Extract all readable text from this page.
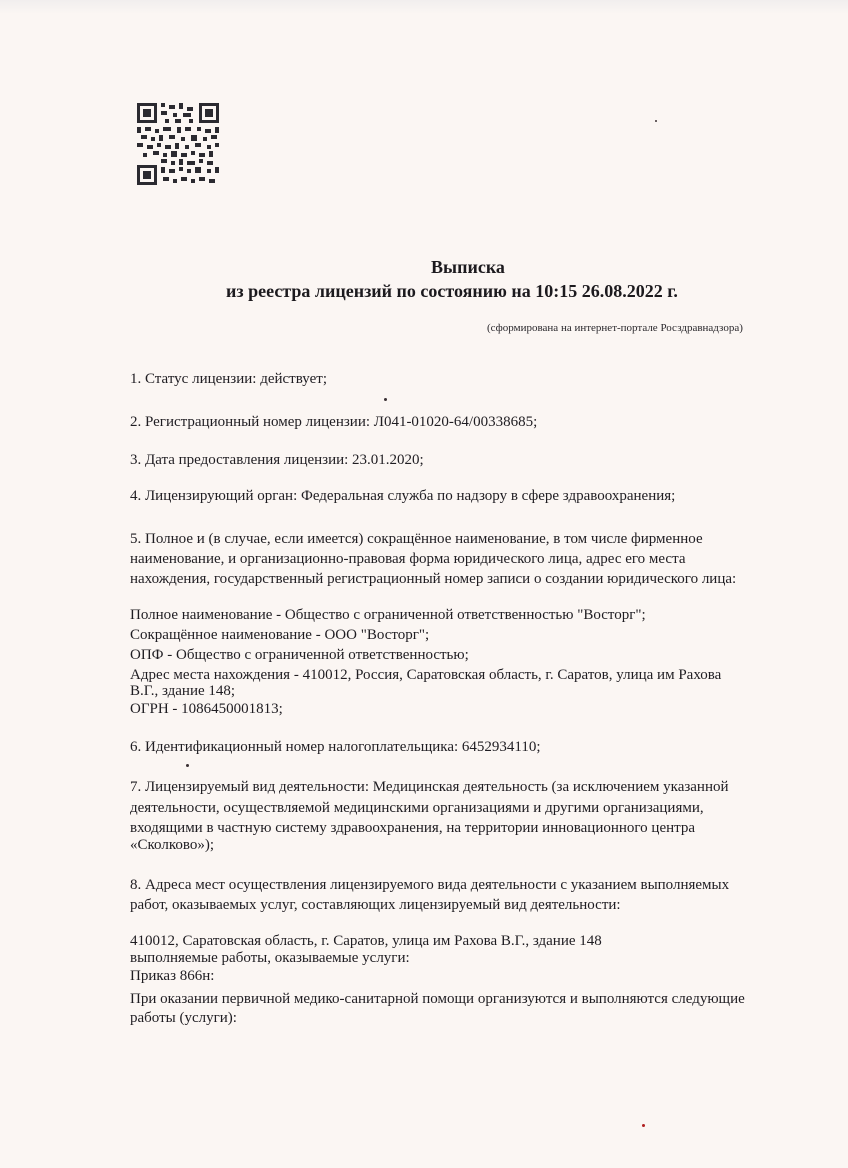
Выписка
из реестра лицензий по состоянию на 10:15 26.08.2022 г.
(сформирована на интернет-портале Росздравнадзора)
1. Статус лицензии: действует;
2. Регистрационный номер лицензии: Л041-01020-64/00338685;
3. Дата предоставления лицензии: 23.01.2020;
4. Лицензирующий орган: Федеральная служба по надзору в сфере здравоохранения;
5. Полное и (в случае, если имеется) сокращённое наименование, в том числе фирменное
наименование, и организационно-правовая форма юридического лица, адрес его места
нахождения, государственный регистрационный номер записи о создании юридического лица:
Полное наименование - Общество с ограниченной ответственностью "Восторг";
Сокращённое наименование - ООО "Восторг";
ОПФ - Общество с ограниченной ответственностью;
Адрес места нахождения - 410012, Россия, Саратовская область, г. Саратов, улица им Рахова
В.Г., здание 148;
ОГРН - 1086450001813;
6. Идентификационный номер налогоплательщика: 6452934110;
7. Лицензируемый вид деятельности: Медицинская деятельность (за исключением указанной
деятельности, осуществляемой медицинскими организациями и другими организациями,
входящими в частную систему здравоохранения, на территории инновационного центра
«Сколково»);
8. Адреса мест осуществления лицензируемого вида деятельности с указанием выполняемых
работ, оказываемых услуг, составляющих лицензируемый вид деятельности:
410012, Саратовская область, г. Саратов, улица им Рахова В.Г., здание 148
выполняемые работы, оказываемые услуги:
Приказ 866н:
При оказании первичной медико-санитарной помощи организуются и выполняются следующие
работы (услуги):
